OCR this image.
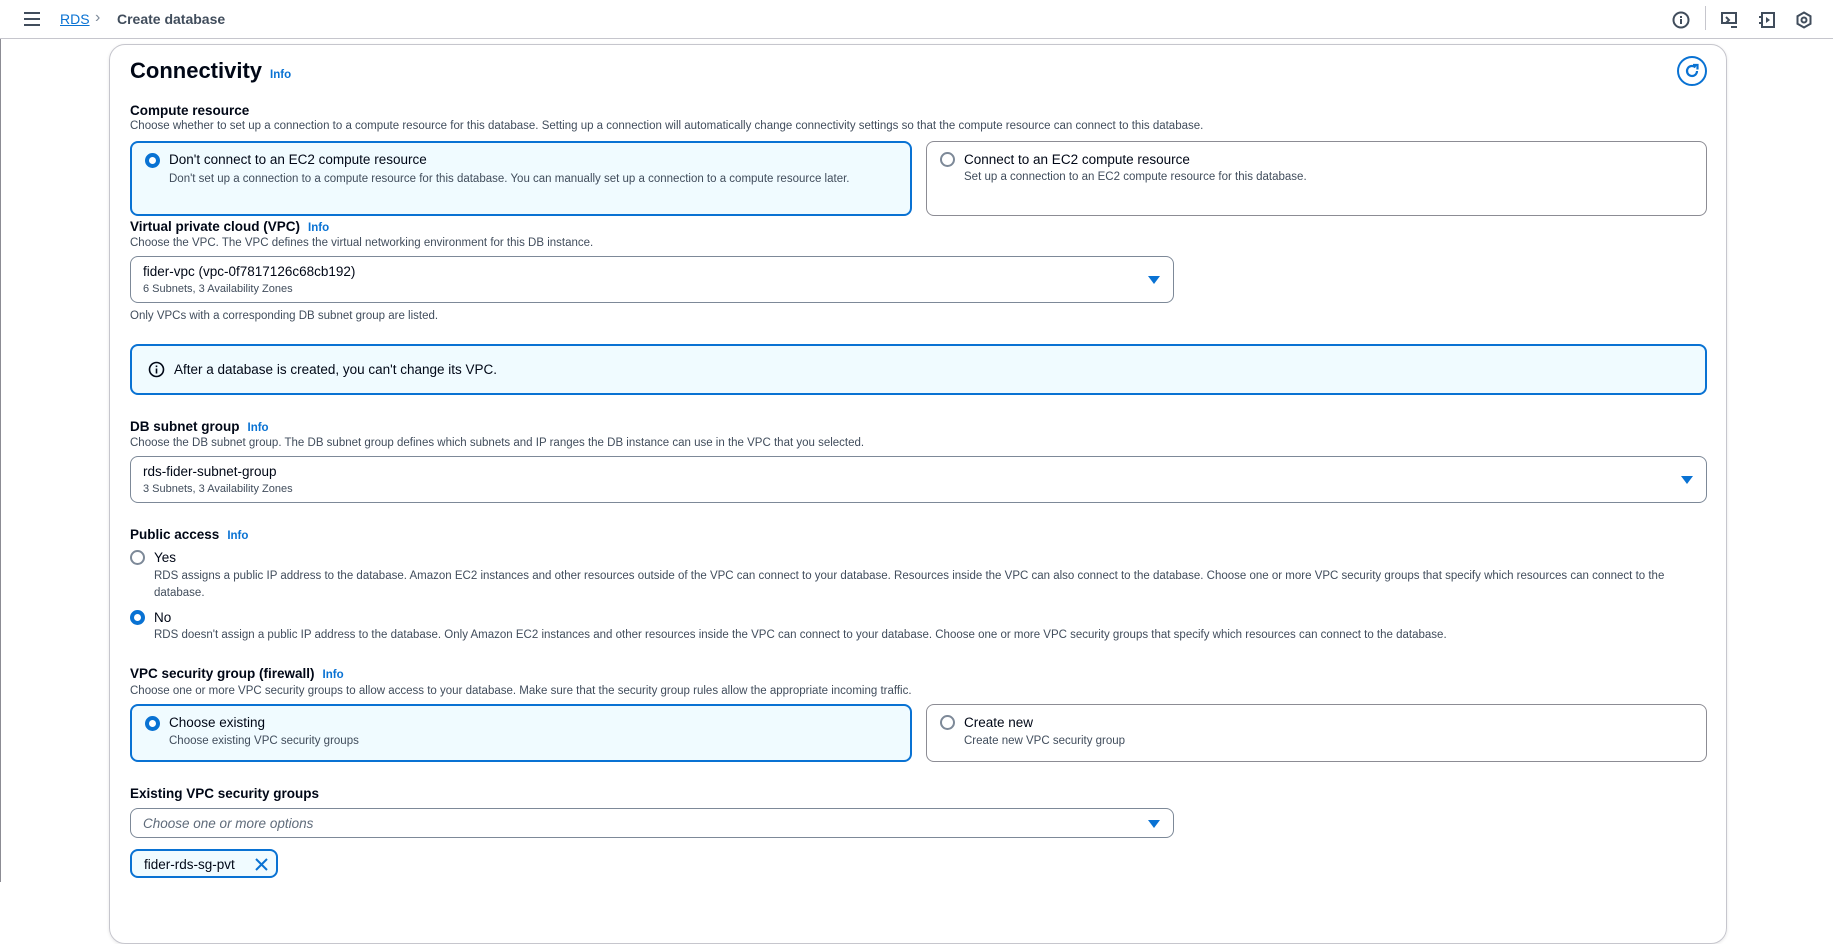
RDS › Create database
Connectivity Info
Compute resource
Choose whether to set up a connection to a compute resource for this database. Setting up a connection will automatically change connectivity settings so that the compute resource can connect to this database.
Don't connect to an EC2 compute resource
Don't set up a connection to a compute resource for this database. You can manually set up a connection to a compute resource later.
Connect to an EC2 compute resource
Set up a connection to an EC2 compute resource for this database.
Virtual private cloud (VPC) Info
Choose the VPC. The VPC defines the virtual networking environment for this DB instance.
fider-vpc (vpc-0f7817126c68cb192)
6 Subnets, 3 Availability Zones
Only VPCs with a corresponding DB subnet group are listed.
After a database is created, you can't change its VPC.
DB subnet group Info
Choose the DB subnet group. The DB subnet group defines which subnets and IP ranges the DB instance can use in the VPC that you selected.
rds-fider-subnet-group
3 Subnets, 3 Availability Zones
Public access Info
Yes
RDS assigns a public IP address to the database. Amazon EC2 instances and other resources outside of the VPC can connect to your database. Resources inside the VPC can also connect to the database. Choose one or more VPC security groups that specify which resources can connect to the database.
No
RDS doesn't assign a public IP address to the database. Only Amazon EC2 instances and other resources inside the VPC can connect to your database. Choose one or more VPC security groups that specify which resources can connect to the database.
VPC security group (firewall) Info
Choose one or more VPC security groups to allow access to your database. Make sure that the security group rules allow the appropriate incoming traffic.
Choose existing
Choose existing VPC security groups
Create new
Create new VPC security group
Existing VPC security groups
Choose one or more options
fider-rds-sg-pvt
